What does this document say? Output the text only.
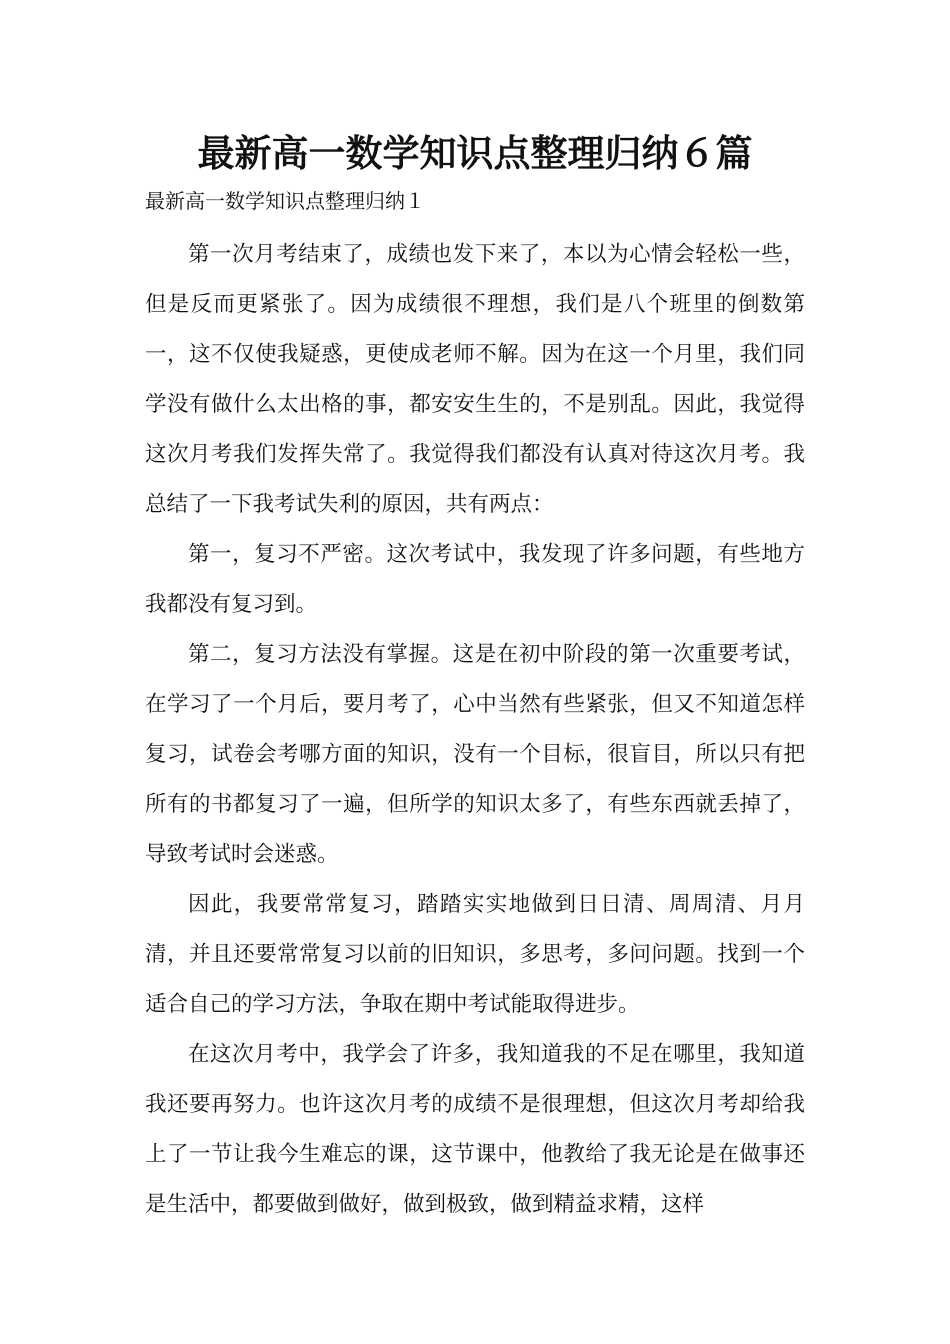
最新高一数学知识点整理归纳６篇
最新高一数学知识点整理归纳１

第一次月考结束了，成绩也发下来了，本以为心情会轻松一些，但是反而更紧张了。因为成绩很不理想，我们是八个班里的倒数第一，这不仅使我疑惑，更使成老师不解。因为在这一个月里，我们同学没有做什么太出格的事，都安安生生的，不是别乱。因此，我觉得这次月考我们发挥失常了。我觉得我们都没有认真对待这次月考。我总结了一下我考试失利的原因，共有两点：

第一，复习不严密。这次考试中，我发现了许多问题，有些地方我都没有复习到。

第二，复习方法没有掌握。这是在初中阶段的第一次重要考试，在学习了一个月后，要月考了，心中当然有些紧张，但又不知道怎样复习，试卷会考哪方面的知识，没有一个目标，很盲目，所以只有把所有的书都复习了一遍，但所学的知识太多了，有些东西就丢掉了，导致考试时会迷惑。

因此，我要常常复习，踏踏实实地做到日日清、周周清、月月清，并且还要常常复习以前的旧知识，多思考，多问问题。找到一个适合自己的学习方法，争取在期中考试能取得进步。

在这次月考中，我学会了许多，我知道我的不足在哪里，我知道我还要再努力。也许这次月考的成绩不是很理想，但这次月考却给我上了一节让我今生难忘的课，这节课中，他教给了我无论是在做事还是生活中，都要做到做好，做到极致，做到精益求精，这样
